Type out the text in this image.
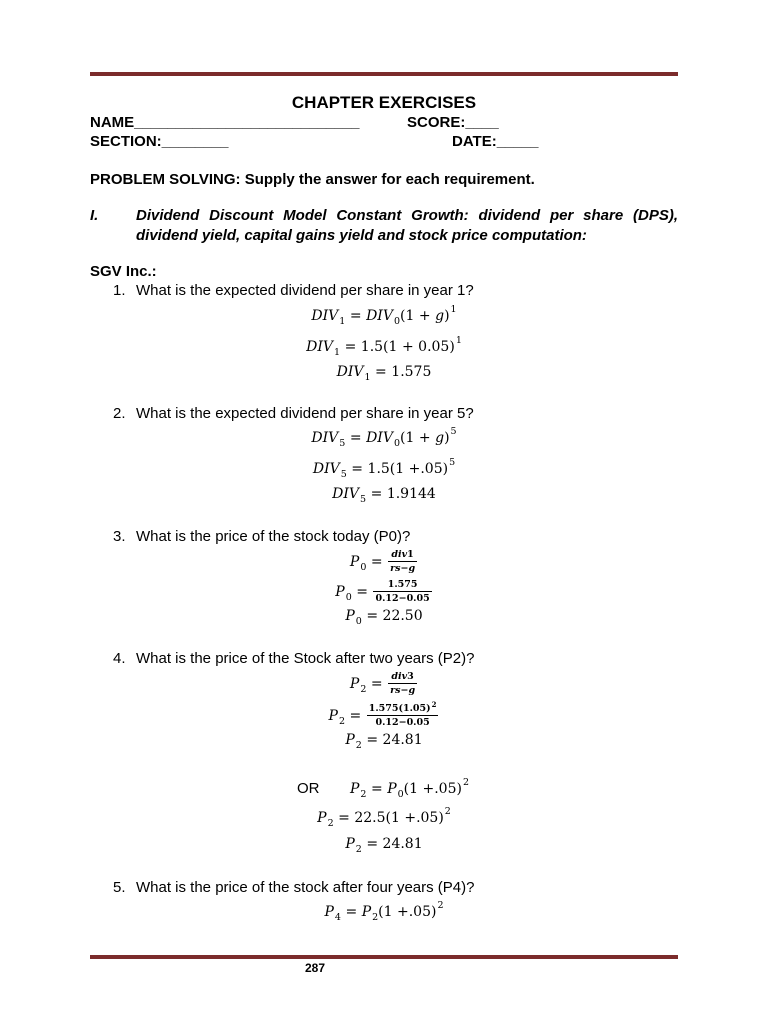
CHAPTER EXERCISES
NAME___________________________	SCORE:____
SECTION:________	DATE:_____
PROBLEM SOLVING: Supply the answer for each requirement.
I.	Dividend Discount Model Constant Growth: dividend per share (DPS), dividend yield, capital gains yield and stock price computation:
SGV Inc.:
1. What is the expected dividend per share in year 1?
$DIV_1 = DIV_0(1 + g)^1$
$DIV_1 = 1.5(1 + 0.05)^1$
$DIV_1 = 1.575$
2. What is the expected dividend per share in year 5?
$DIV_5 = DIV_0(1 + g)^5$
$DIV_5 = 1.5(1 +.05)^5$
$DIV_5 = 1.9144$
3. What is the price of the stock today (P0)?
$P_0 = \frac{\text{div1}}{rs-g}$
$P_0 = \frac{1.575}{0.12-0.05}$
$P_0 = 22.50$
4. What is the price of the Stock after two years (P2)?
$P_2 = \frac{\text{div3}}{rs-g}$
$P_2 = \frac{1.575(1.05)^2}{0.12-0.05}$
$P_2 = 24.81$
OR $P_2 = P_0(1 +.05)^2$
$P_2 = 22.5(1 +.05)^2$
$P_2 = 24.81$
5. What is the price of the stock after four years (P4)?
$P_4 = P_2(1 +.05)^2$
287
